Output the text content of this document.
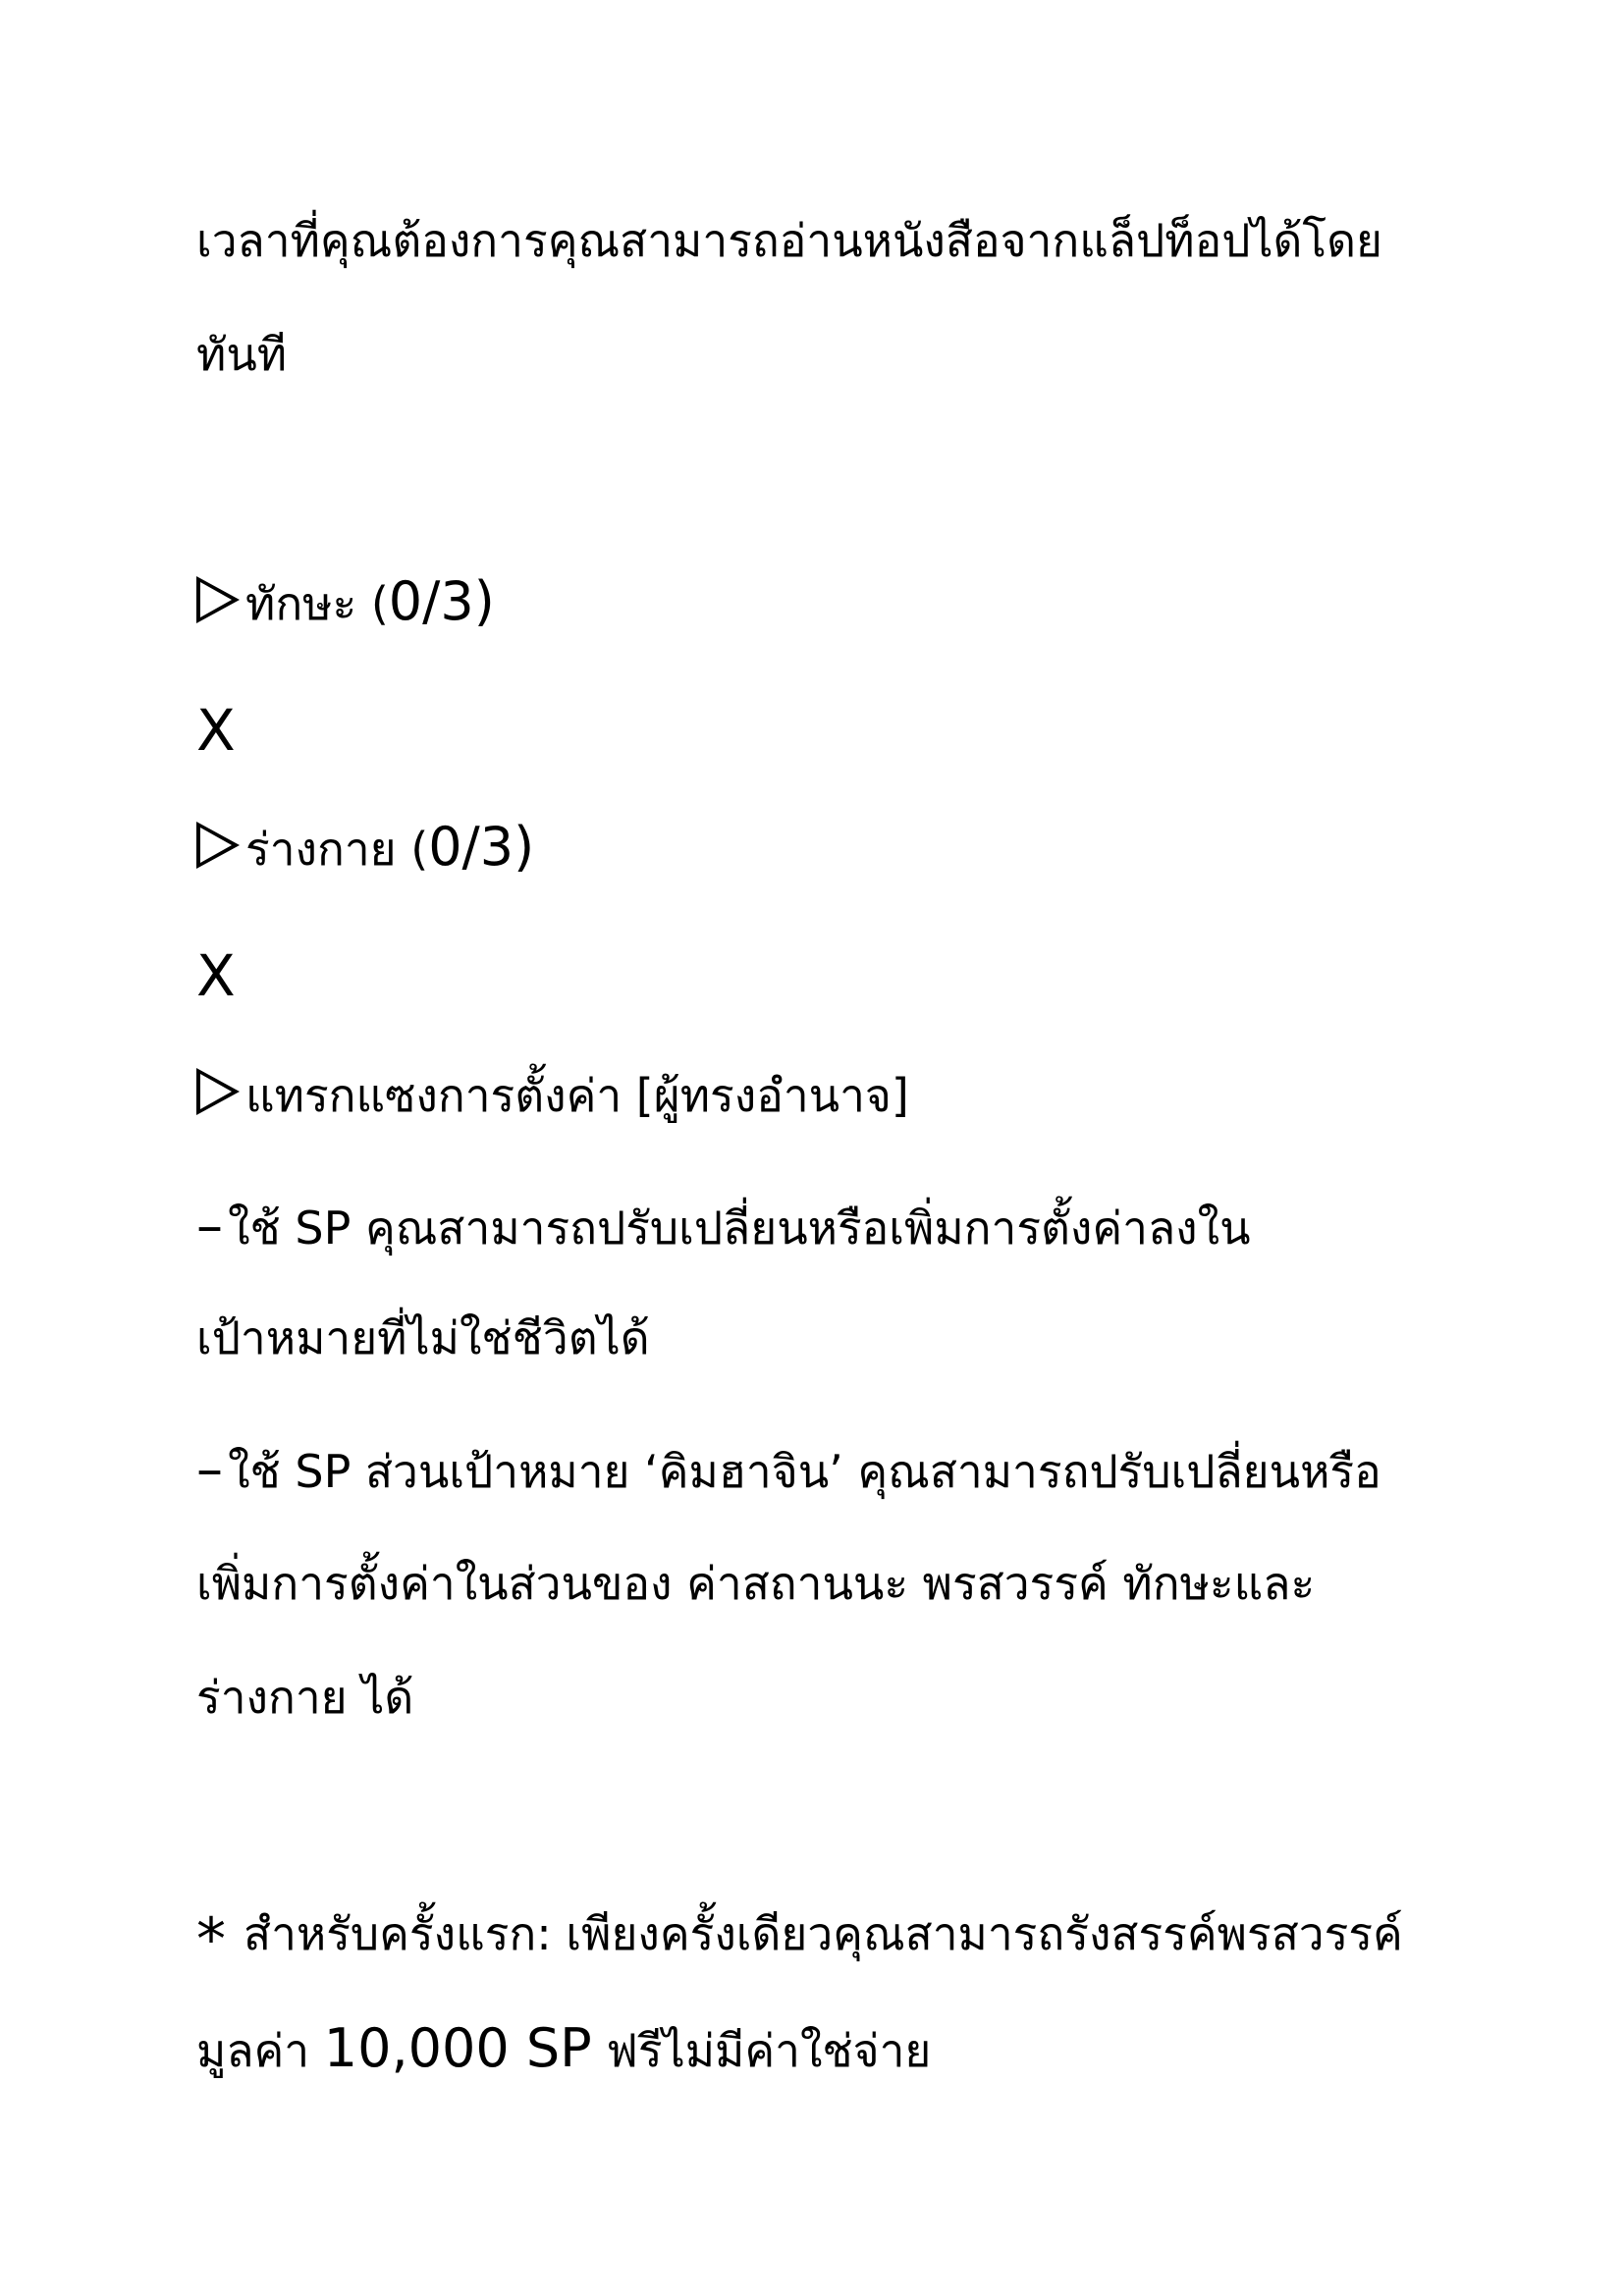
เวลาที่คุณต้องการคุณสามารถอ่านหนังสือจากแล็ปท็อปได้โดย
ทันที
ทักษะ (0/3)
X
ร่างกาย (0/3)
X
แทรกแซงการตั้งค่า [ผู้ทรงอำนาจ]
– ใช้ SP คุณสามารถปรับเปลี่ยนหรือเพิ่มการตั้งค่าลงใน
เป้าหมายที่ไม่ใช่ชีวิตได้
– ใช้ SP ส่วนเป้าหมาย ‘คิมฮาจิน’ คุณสามารถปรับเปลี่ยนหรือ
เพิ่มการตั้งค่าในส่วนของ ค่าสถานนะ พรสวรรค์ ทักษะและ
ร่างกาย ได้
* สำหรับครั้งแรก: เพียงครั้งเดียวคุณสามารถรังสรรค์พรสวรรค์
มูลค่า 10,000 SP ฟรีไม่มีค่าใช่จ่าย
